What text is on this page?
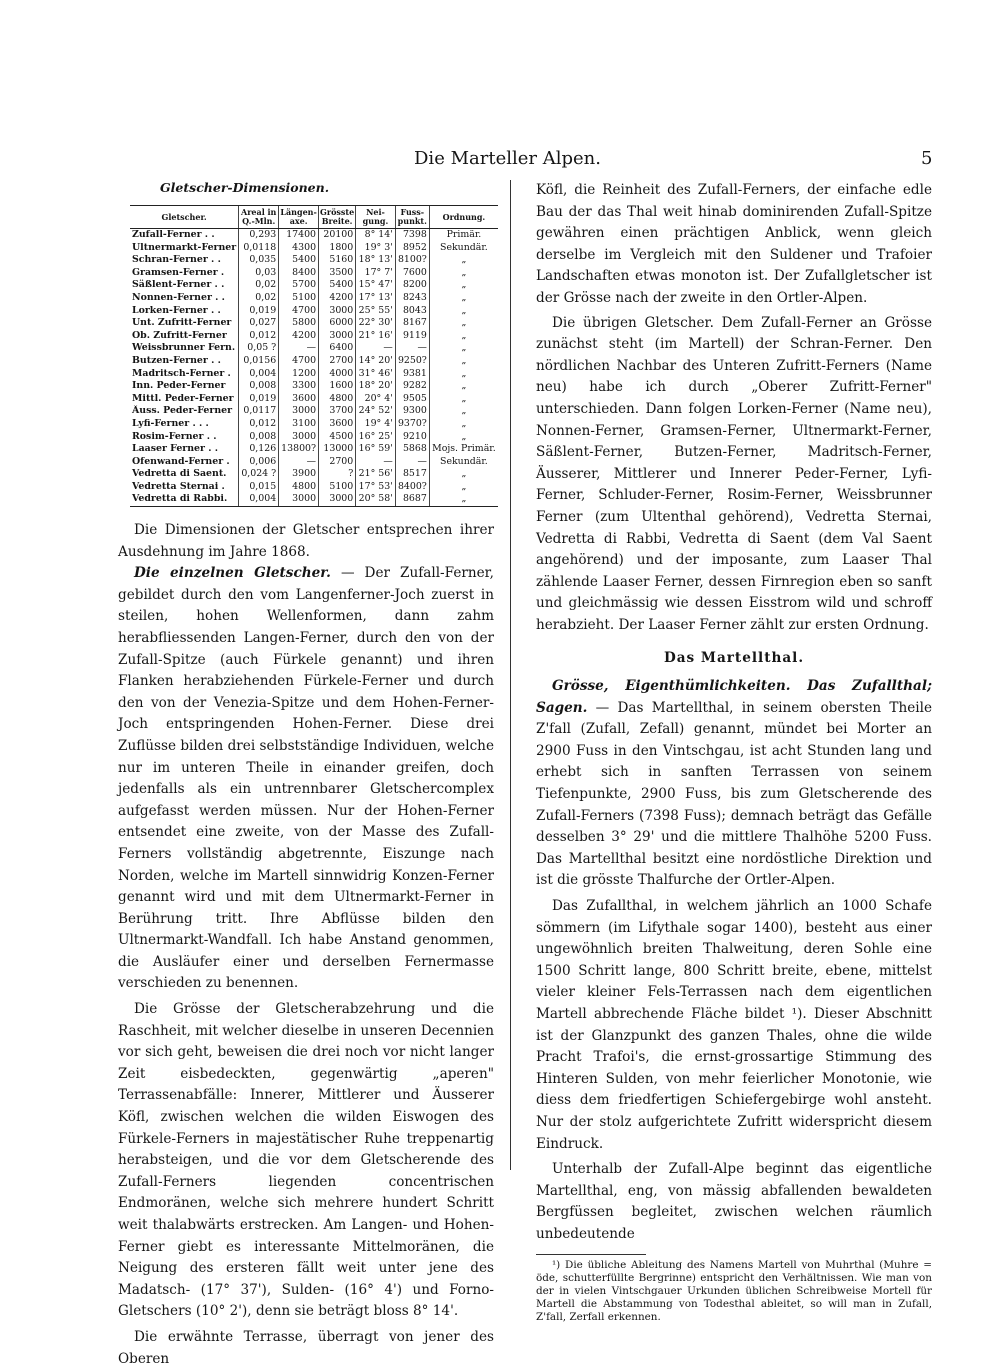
Die Marteller Alpen.	5
Gletscher-Dimensionen.
Gletscher.	Areal in Q.-Mln.	Längen-axe.	Grösste Breite.	Nei-gung.	Fuss-punkt.	Ordnung.
Zufall-Ferner . .	0,293	17400	20100	8° 14'	7398	Primär.
Ultnermarkt-Ferner	0,0118	4300	1800	19° 3'	8952	Sekundär.
Schran-Ferner . .	0,035	5400	5160	18° 13'	8100?	„
Gramsen-Ferner .	0,03	8400	3500	17° 7'	7600	„
Säßlent-Ferner . .	0,02	5700	5400	15° 47'	8200	„
Nonnen-Ferner . .	0,02	5100	4200	17° 13'	8243	„
Lorken-Ferner . .	0,019	4700	3000	25° 55'	8043	„
Unt. Zufritt-Ferner	0,027	5800	6000	22° 30'	8167	„
Ob. Zufritt-Ferner	0,012	4200	3000	21° 16'	9119	„
Weissbrunner Fern.	0,05 ?	—	6400	—	—	„
Butzen-Ferner . .	0,0156	4700	2700	14° 20'	9250?	„
Madritsch-Ferner .	0,004	1200	4000	31° 46'	9381	„
Inn. Peder-Ferner	0,008	3300	1600	18° 20'	9282	„
Mittl. Peder-Ferner	0,019	3600	4800	20° 4'	9505	„
Äuss. Peder-Ferner	0,0117	3000	3700	24° 52'	9300	„
Lyfi-Ferner . . .	0,012	3100	3600	19° 4'	9370?	„
Rosim-Ferner . .	0,008	3000	4500	16° 25'	9210	„
Laaser Ferner . .	0,126	13800?	13000	16° 59'	5868	Mojs. Primär.
Ofenwand-Ferner .	0,006	—	2700	—	—	Sekundär.
Vedretta di Saent.	0,024 ?	3900	?	21° 56'	8517	„
Vedretta Sternai .	0,015	4800	5100	17° 53'	8400?	„
Vedretta di Rabbi.	0,004	3000	3000	20° 58'	8687	„

Die Dimensionen der Gletscher entsprechen ihrer Ausdehnung im Jahre 1868.

Die einzelnen Gletscher. — Der Zufall-Ferner, gebildet durch den vom Langenferner-Joch zuerst in steilen, hohen Wellenformen, dann zahm herabfliessenden Langen-Ferner, durch den von der Zufall-Spitze (auch Fürkele genannt) und ihren Flanken herabziehenden Fürkele-Ferner und durch den von der Venezia-Spitze und dem Hohen-Ferner-Joch entspringenden Hohen-Ferner. Diese drei Zuflüsse bilden drei selbstständige Individuen, welche nur im unteren Theile in einander greifen, doch jedenfalls als ein untrennbarer Gletschercomplex aufgefasst werden müssen. Nur der Hohen-Ferner entsendet eine zweite, von der Masse des Zufall-Ferners vollständig abgetrennte, Eiszunge nach Norden, welche im Martell sinnwidrig Konzen-Ferner genannt wird und mit dem Ultnermarkt-Ferner in Berührung tritt. Ihre Abflüsse bilden den Ultnermarkt-Wandfall. Ich habe Anstand genommen, die Ausläufer einer und derselben Fernermasse verschieden zu benennen.

Die Grösse der Gletscherabzehrung und die Raschheit, mit welcher dieselbe in unseren Decennien vor sich geht, beweisen die drei noch vor nicht langer Zeit eisbedeckten, gegenwärtig „aperen" Terrassenabfälle: Innerer, Mittlerer und Äusserer Köfl, zwischen welchen die wilden Eiswogen des Fürkele-Ferners in majestätischer Ruhe treppenartig herabsteigen, und die vor dem Gletscherende des Zufall-Ferners liegenden concentrischen Endmoränen, welche sich mehrere hundert Schritt weit thalabwärts erstrecken. Am Langen- und Hohen-Ferner giebt es interessante Mittelmoränen, die Neigung des ersteren fällt weit unter jene des Madatsch- (17° 37'), Sulden- (16° 4') und Forno-Gletschers (10° 2'), denn sie beträgt bloss 8° 14'.

Die erwähnte Terrasse, überragt von jener des Oberen

Köfl, die Reinheit des Zufall-Ferners, der einfache edle Bau der das Thal weit hinab dominirenden Zufall-Spitze gewähren einen prächtigen Anblick, wenn gleich derselbe im Vergleich mit den Suldener und Trafoier Landschaften etwas monoton ist. Der Zufallgletscher ist der Grösse nach der zweite in den Ortler-Alpen.

Die übrigen Gletscher. Dem Zufall-Ferner an Grösse zunächst steht (im Martell) der Schran-Ferner. Den nördlichen Nachbar des Unteren Zufritt-Ferners (Name neu) habe ich durch „Oberer Zufritt-Ferner" unterschieden. Dann folgen Lorken-Ferner (Name neu), Nonnen-Ferner, Gramsen-Ferner, Ultnermarkt-Ferner, Säßlent-Ferner, Butzen-Ferner, Madritsch-Ferner, Äusserer, Mittlerer und Innerer Peder-Ferner, Lyfi-Ferner, Schluder-Ferner, Rosim-Ferner, Weissbrunner Ferner (zum Ultenthal gehörend), Vedretta Sternai, Vedretta di Rabbi, Vedretta di Saent (dem Val Saent angehörend) und der imposante, zum Laaser Thal zählende Laaser Ferner, dessen Firnregion eben so sanft und gleichmässig wie dessen Eisstrom wild und schroff herabzieht. Der Laaser Ferner zählt zur ersten Ordnung.

Das Martellthal.

Grösse, Eigenthümlichkeiten. Das Zufallthal; Sagen. — Das Martellthal, in seinem obersten Theile Z'fall (Zufall, Zefall) genannt, mündet bei Morter an 2900 Fuss in den Vintschgau, ist acht Stunden lang und erhebt sich in sanften Terrassen von seinem Tiefenpunkte, 2900 Fuss, bis zum Gletscherende des Zufall-Ferners (7398 Fuss); demnach beträgt das Gefälle desselben 3° 29' und die mittlere Thalhöhe 5200 Fuss. Das Martellthal besitzt eine nordöstliche Direktion und ist die grösste Thalfurche der Ortler-Alpen.

Das Zufallthal, in welchem jährlich an 1000 Schafe sömmern (im Lifythale sogar 1400), besteht aus einer ungewöhnlich breiten Thalweitung, deren Sohle eine 1500 Schritt lange, 800 Schritt breite, ebene, mittelst vieler kleiner Fels-Terrassen nach dem eigentlichen Martell abbrechende Fläche bildet ¹). Dieser Abschnitt ist der Glanzpunkt des ganzen Thales, ohne die wilde Pracht Trafoi's, die ernst-grossartige Stimmung des Hinteren Sulden, von mehr feierlicher Monotonie, wie diess dem friedfertigen Schiefergebirge wohl ansteht. Nur der stolz aufgerichtete Zufritt widerspricht diesem Eindruck.

Unterhalb der Zufall-Alpe beginnt das eigentliche Martellthal, eng, von mässig abfallenden bewaldeten Bergfüssen begleitet, zwischen welchen räumlich unbedeutende

¹) Die übliche Ableitung des Namens Martell von Muhrthal (Muhre = öde, schutterfüllte Bergrinne) entspricht den Verhältnissen. Wie man von der in vielen Vintschgauer Urkunden üblichen Schreibweise Mortell für Martell die Abstammung von Todesthal ableitet, so will man in Zufall, Z'fall, Zerfall erkennen.
